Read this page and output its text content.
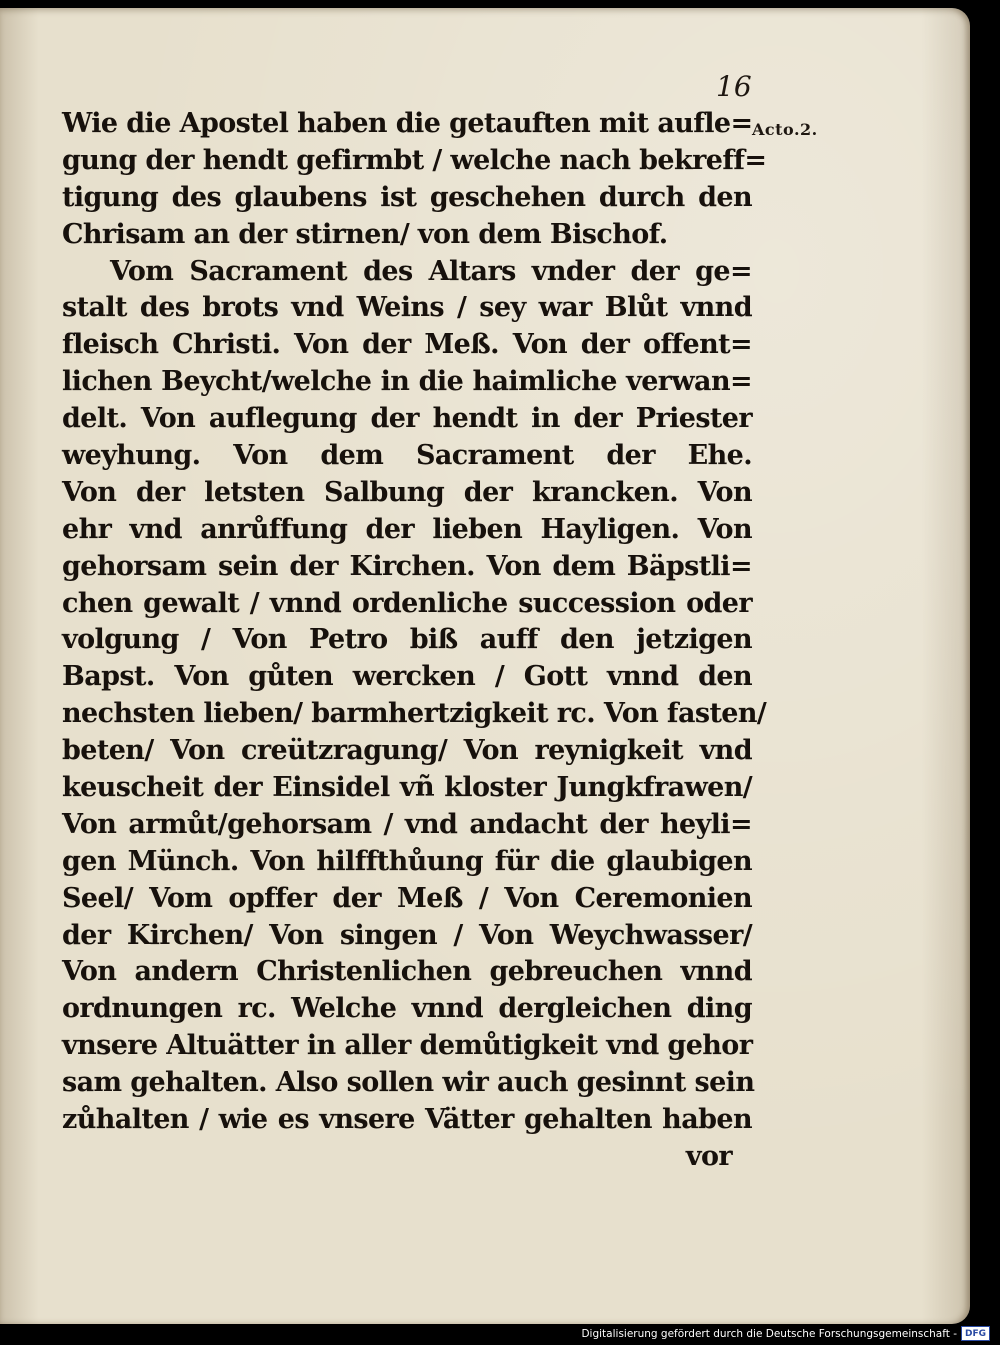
16
Acto.2.
Wie die Apostel haben die getauften mit aufle=
gung der hendt gefirmbt / welche nach bekreff=
tigung des glaubens ist geschehen durch den
Chrisam an der stirnen/ von dem Bischof.
Vom Sacrament des Altars vnder der ge=
stalt des brots vnd Weins / sey war Blůt vnnd
fleisch Christi. Von der Meß. Von der offent=
lichen Beycht/welche in die haimliche verwan=
delt. Von auflegung der hendt in der Priester
weyhung. Von dem Sacrament der Ehe.
Von der letsten Salbung der krancken. Von
ehr vnd anrůffung der lieben Hayligen. Von
gehorsam sein der Kirchen. Von dem Bäpstli=
chen gewalt / vnnd ordenliche succession oder
volgung / Von Petro biß auff den jetzigen
Bapst. Von gůten wercken / Gott vnnd den
nechsten lieben/ barmhertzigkeit rc. Von fasten/
beten/ Von creützragung/ Von reynigkeit vnd
keuscheit der Einsidel vñ kloster Jungkfrawen/
Von armůt/gehorsam / vnd andacht der heyli=
gen Münch. Von hilffthůung für die glaubigen
Seel/ Vom opffer der Meß / Von Ceremonien
der Kirchen/ Von singen / Von Weychwasser/
Von andern Christenlichen gebreuchen vnnd
ordnungen rc. Welche vnnd dergleichen ding
vnsere Altuätter in aller demůtigkeit vnd gehor
sam gehalten. Also sollen wir auch gesinnt sein
zůhalten / wie es vnsere Vätter gehalten haben
vor
Digitalisierung gefördert durch die Deutsche Forschungsgemeinschaft - DFG
